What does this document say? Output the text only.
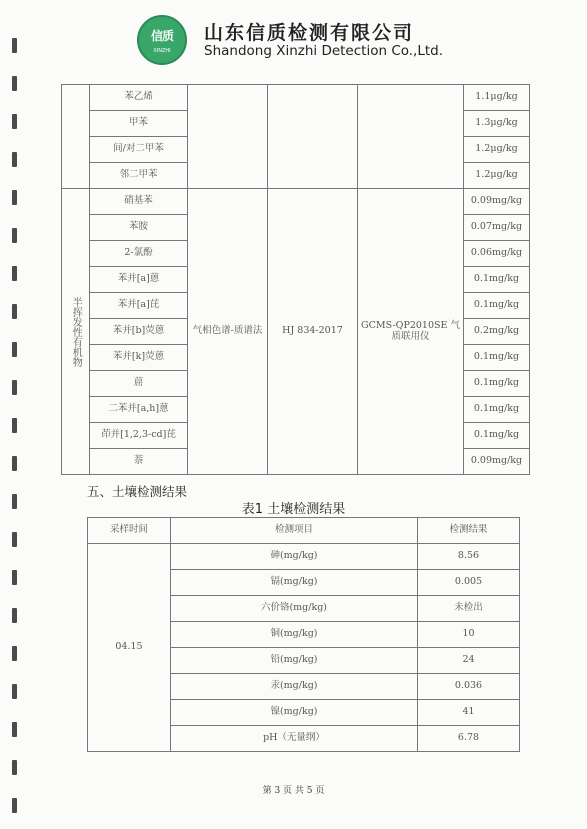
信质
XINZHI
山东信质检测有限公司
Shandong Xinzhi Detection Co.,Ltd.
	苯乙烯				1.1μg/kg
	甲苯				1.3μg/kg
	间/对二甲苯				1.2μg/kg
	邻二甲苯				1.2μg/kg
半挥发性有机物	硝基苯	气相色谱-质谱法	HJ 834-2017	GCMS-QP2010SE 气质联用仪	0.09mg/kg
	苯胺				0.07mg/kg
	2-氯酚				0.06mg/kg
	苯并[a]蒽				0.1mg/kg
	苯并[a]芘				0.1mg/kg
	苯并[b]荧蒽				0.2mg/kg
	苯并[k]荧蒽				0.1mg/kg
	䓛				0.1mg/kg
	二苯并[a,h]蒽				0.1mg/kg
	茚并[1,2,3-cd]芘				0.1mg/kg
	萘				0.09mg/kg
五、土壤检测结果
表1 土壤检测结果
采样时间	检测项目	检测结果
04.15	砷(mg/kg)	8.56
	镉(mg/kg)	0.005
	六价铬(mg/kg)	未检出
	铜(mg/kg)	10
	铅(mg/kg)	24
	汞(mg/kg)	0.036
	镍(mg/kg)	41
	pH（无量纲）	6.78
第 3 页 共 5 页
